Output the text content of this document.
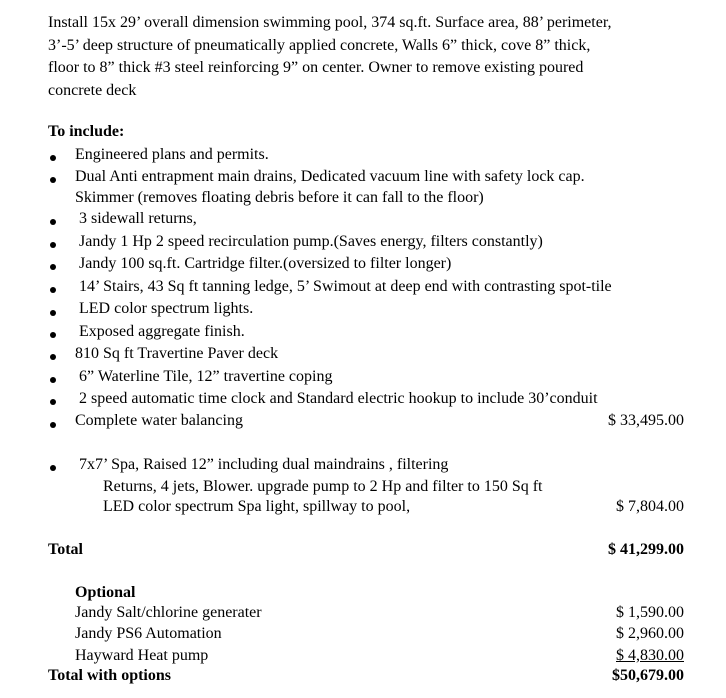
Install 15x 29’ overall dimension swimming pool, 374 sq.ft. Surface area, 88’ perimeter,

3’-5’ deep structure of pneumatically applied concrete, Walls 6” thick, cove 8” thick,

floor to 8” thick #3 steel reinforcing 9” on center. Owner to remove existing poured

concrete deck

To include:
Engineered plans and permits.
Dual Anti entrapment main drains, Dedicated vacuum line with safety lock cap.
Skimmer (removes floating debris before it can fall to the floor)
3 sidewall returns,
Jandy 1 Hp 2 speed recirculation pump.(Saves energy, filters constantly)
Jandy 100 sq.ft. Cartridge filter.(oversized to filter longer)
14’ Stairs, 43 Sq ft tanning ledge, 5’ Swimout at deep end with contrasting spot-tile
LED color spectrum lights.
Exposed aggregate finish.
810 Sq ft Travertine Paver deck
6” Waterline Tile, 12” travertine coping
2 speed automatic time clock and Standard electric hookup to include 30’conduit
Complete water balancing	$ 33,495.00
7x7’ Spa, Raised 12” including dual maindrains , filtering
Returns, 4 jets, Blower. upgrade pump to 2 Hp and filter to 150 Sq ft
LED color spectrum Spa light, spillway to pool,	$ 7,804.00
Total	$ 41,299.00
Optional
Jandy Salt/chlorine generater	$ 1,590.00
Jandy PS6 Automation	$ 2,960.00
Hayward Heat pump	$ 4,830.00
Total with options	$50,679.00
